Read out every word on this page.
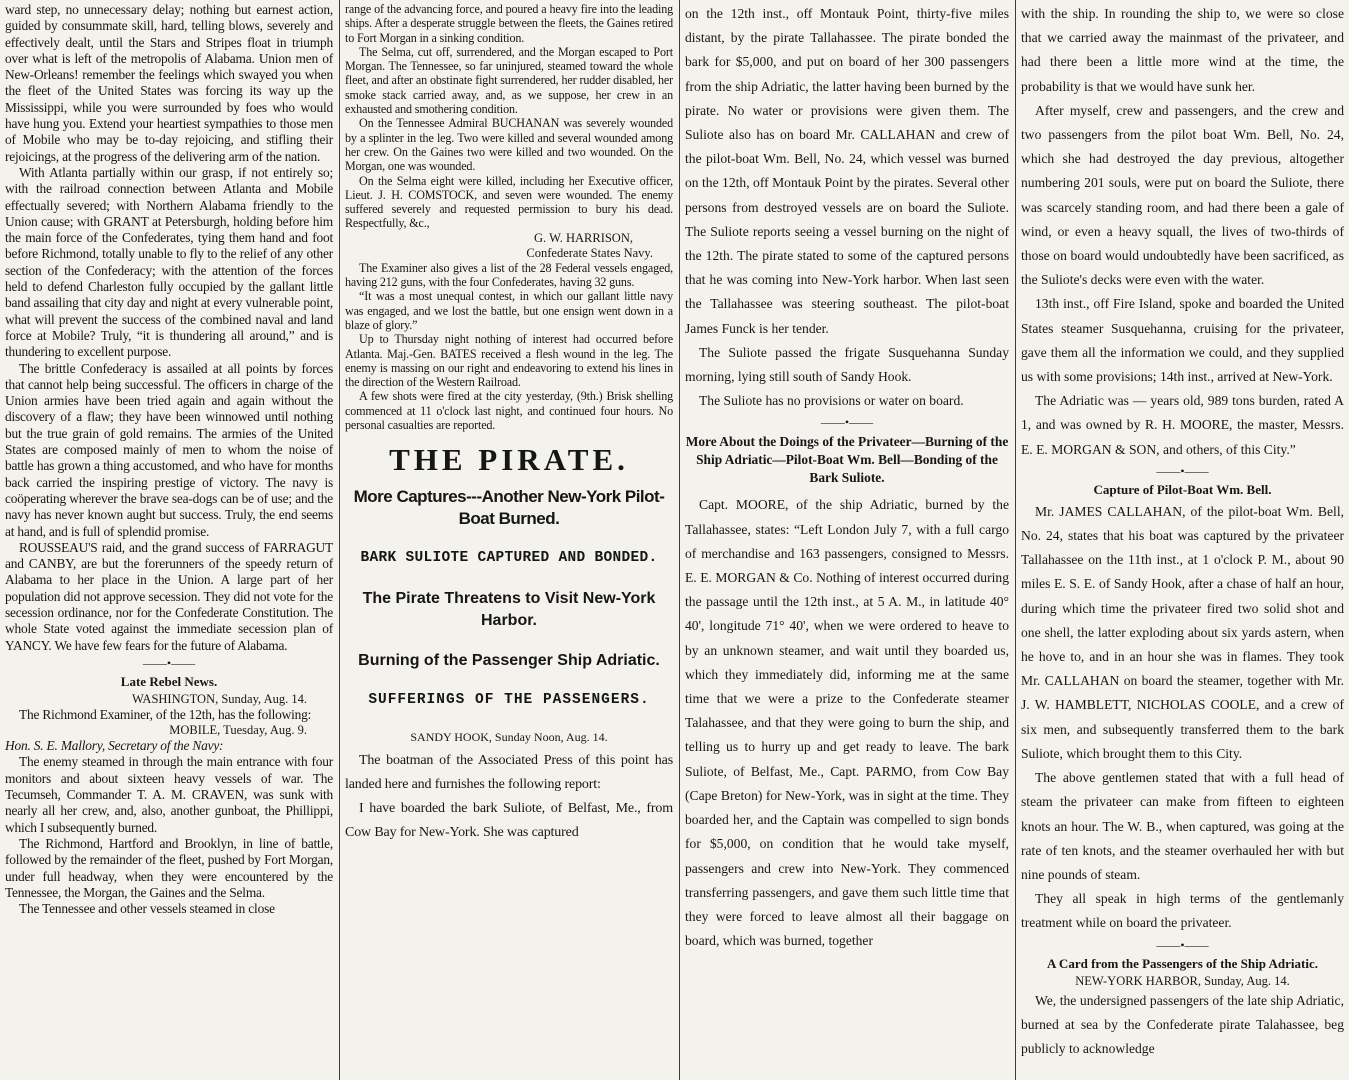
ward step, no unnecessary delay; nothing but earnest action, guided by consummate skill, hard, telling blows, severely and effectively dealt, until the Stars and Stripes float in triumph over what is left of the metropolis of Alabama. Union men of New-Orleans! remember the feelings which swayed you when the fleet of the United States was forcing its way up the Mississippi, while you were surrounded by foes who would have hung you. Extend your heartiest sympathies to those men of Mobile who may be to-day rejoicing, and stifling their rejoicings, at the progress of the delivering arm of the nation.

With Atlanta partially within our grasp, if not entirely so; with the railroad connection between Atlanta and Mobile effectually severed; with Northern Alabama friendly to the Union cause; with GRANT at Petersburgh, holding before him the main force of the Confederates, tying them hand and foot before Richmond, totally unable to fly to the relief of any other section of the Confederacy; with the attention of the forces held to defend Charleston fully occupied by the gallant little band assailing that city day and night at every vulnerable point, what will prevent the success of the combined naval and land force at Mobile? Truly, “it is thundering all around,” and is thundering to excellent purpose.

The brittle Confederacy is assailed at all points by forces that cannot help being successful. The officers in charge of the Union armies have been tried again and again without the discovery of a flaw; they have been winnowed until nothing but the true grain of gold remains. The armies of the United States are composed mainly of men to whom the noise of battle has grown a thing accustomed, and who have for months back carried the inspiring prestige of victory. The navy is coöperating wherever the brave sea-dogs can be of use; and the navy has never known aught but success. Truly, the end seems at hand, and is full of splendid promise.

ROUSSEAU'S raid, and the grand success of FARRAGUT and CANBY, are but the forerunners of the speedy return of Alabama to her place in the Union. A large part of her population did not approve secession. They did not vote for the secession ordinance, nor for the Confederate Constitution. The whole State voted against the immediate secession plan of YANCY. We have few fears for the future of Alabama.

——•——
Late Rebel News.
WASHINGTON, Sunday, Aug. 14.

The Richmond Examiner, of the 12th, has the following:

MOBILE, Tuesday, Aug. 9.

Hon. S. E. Mallory, Secretary of the Navy:

The enemy steamed in through the main entrance with four monitors and about sixteen heavy vessels of war. The Tecumseh, Commander T. A. M. CRAVEN, was sunk with nearly all her crew, and, also, another gunboat, the Phillippi, which I subsequently burned.

The Richmond, Hartford and Brooklyn, in line of battle, followed by the remainder of the fleet, pushed by Fort Morgan, under full headway, when they were encountered by the Tennessee, the Morgan, the Gaines and the Selma.

The Tennessee and other vessels steamed in close

range of the advancing force, and poured a heavy fire into the leading ships. After a desperate struggle between the fleets, the Gaines retired to Fort Morgan in a sinking condition.

The Selma, cut off, surrendered, and the Morgan escaped to Port Morgan. The Tennessee, so far uninjured, steamed toward the whole fleet, and after an obstinate fight surrendered, her rudder disabled, her smoke stack carried away, and, as we suppose, her crew in an exhausted and smothering condition.

On the Tennessee Admiral BUCHANAN was severely wounded by a splinter in the leg. Two were killed and several wounded among her crew. On the Gaines two were killed and two wounded. On the Morgan, one was wounded.

On the Selma eight were killed, including her Executive officer, Lieut. J. H. COMSTOCK, and seven were wounded. The enemy suffered severely and requested permission to bury his dead. Respectfully, &c.,

G. W. HARRISON,
Confederate States Navy.

The Examiner also gives a list of the 28 Federal vessels engaged, having 212 guns, with the four Confederates, having 32 guns.

“It was a most unequal contest, in which our gallant little navy was engaged, and we lost the battle, but one ensign went down in a blaze of glory.”

Up to Thursday night nothing of interest had occurred before Atlanta. Maj.-Gen. BATES received a flesh wound in the leg. The enemy is massing on our right and endeavoring to extend his lines in the direction of the Western Railroad.

A few shots were fired at the city yesterday, (9th.) Brisk shelling commenced at 11 o'clock last night, and continued four hours. No personal casualties are reported.

THE PIRATE.
More Captures---Another New-York Pilot-Boat Burned.
BARK SULIOTE CAPTURED AND BONDED.
The Pirate Threatens to Visit New-York Harbor.
Burning of the Passenger Ship Adriatic.
SUFFERINGS OF THE PASSENGERS.
SANDY HOOK, Sunday Noon, Aug. 14.

The boatman of the Associated Press of this point has landed here and furnishes the following report:

I have boarded the bark Suliote, of Belfast, Me., from Cow Bay for New-York. She was captured

on the 12th inst., off Montauk Point, thirty-five miles distant, by the pirate Tallahassee. The pirate bonded the bark for $5,000, and put on board of her 300 passengers from the ship Adriatic, the latter having been burned by the pirate. No water or provisions were given them. The Suliote also has on board Mr. CALLAHAN and crew of the pilot-boat Wm. Bell, No. 24, which vessel was burned on the 12th, off Montauk Point by the pirates. Several other persons from destroyed vessels are on board the Suliote. The Suliote reports seeing a vessel burning on the night of the 12th. The pirate stated to some of the captured persons that he was coming into New-York harbor. When last seen the Tallahassee was steering southeast. The pilot-boat James Funck is her tender.

The Suliote passed the frigate Susquehanna Sunday morning, lying still south of Sandy Hook.

The Suliote has no provisions or water on board.

——•——
More About the Doings of the Privateer—Burning of the Ship Adriatic—Pilot-Boat Wm. Bell—Bonding of the Bark Suliote.

Capt. MOORE, of the ship Adriatic, burned by the Tallahassee, states: “Left London July 7, with a full cargo of merchandise and 163 passengers, consigned to Messrs. E. E. MORGAN & Co. Nothing of interest occurred during the passage until the 12th inst., at 5 A. M., in latitude 40° 40', longitude 71° 40', when we were ordered to heave to by an unknown steamer, and wait until they boarded us, which they immediately did, informing me at the same time that we were a prize to the Confederate steamer Talahassee, and that they were going to burn the ship, and telling us to hurry up and get ready to leave. The bark Suliote, of Belfast, Me., Capt. PARMO, from Cow Bay (Cape Breton) for New-York, was in sight at the time. They boarded her, and the Captain was compelled to sign bonds for $5,000, on condition that he would take myself, passengers and crew into New-York. They commenced transferring passengers, and gave them such little time that they were forced to leave almost all their baggage on board, which was burned, together

with the ship. In rounding the ship to, we were so close that we carried away the mainmast of the privateer, and had there been a little more wind at the time, the probability is that we would have sunk her.

After myself, crew and passengers, and the crew and two passengers from the pilot boat Wm. Bell, No. 24, which she had destroyed the day previous, altogether numbering 201 souls, were put on board the Suliote, there was scarcely standing room, and had there been a gale of wind, or even a heavy squall, the lives of two-thirds of those on board would undoubtedly have been sacrificed, as the Suliote's decks were even with the water.

13th inst., off Fire Island, spoke and boarded the United States steamer Susquehanna, cruising for the privateer, gave them all the information we could, and they supplied us with some provisions; 14th inst., arrived at New-York.

The Adriatic was — years old, 989 tons burden, rated A 1, and was owned by R. H. MOORE, the master, Messrs. E. E. MORGAN & SON, and others, of this City.”

——•——
Capture of Pilot-Boat Wm. Bell.

Mr. JAMES CALLAHAN, of the pilot-boat Wm. Bell, No. 24, states that his boat was captured by the privateer Tallahassee on the 11th inst., at 1 o'clock P. M., about 90 miles E. S. E. of Sandy Hook, after a chase of half an hour, during which time the privateer fired two solid shot and one shell, the latter exploding about six yards astern, when he hove to, and in an hour she was in flames. They took Mr. CALLAHAN on board the steamer, together with Mr. J. W. HAMBLETT, NICHOLAS COOLE, and a crew of six men, and subsequently transferred them to the bark Suliote, which brought them to this City.

The above gentlemen stated that with a full head of steam the privateer can make from fifteen to eighteen knots an hour. The W. B., when captured, was going at the rate of ten knots, and the steamer overhauled her with but nine pounds of steam.

They all speak in high terms of the gentlemanly treatment while on board the privateer.

——•——
A Card from the Passengers of the Ship Adriatic.
NEW-YORK HARBOR, Sunday, Aug. 14.

We, the undersigned passengers of the late ship Adriatic, burned at sea by the Confederate pirate Talahassee, beg publicly to acknowledge
